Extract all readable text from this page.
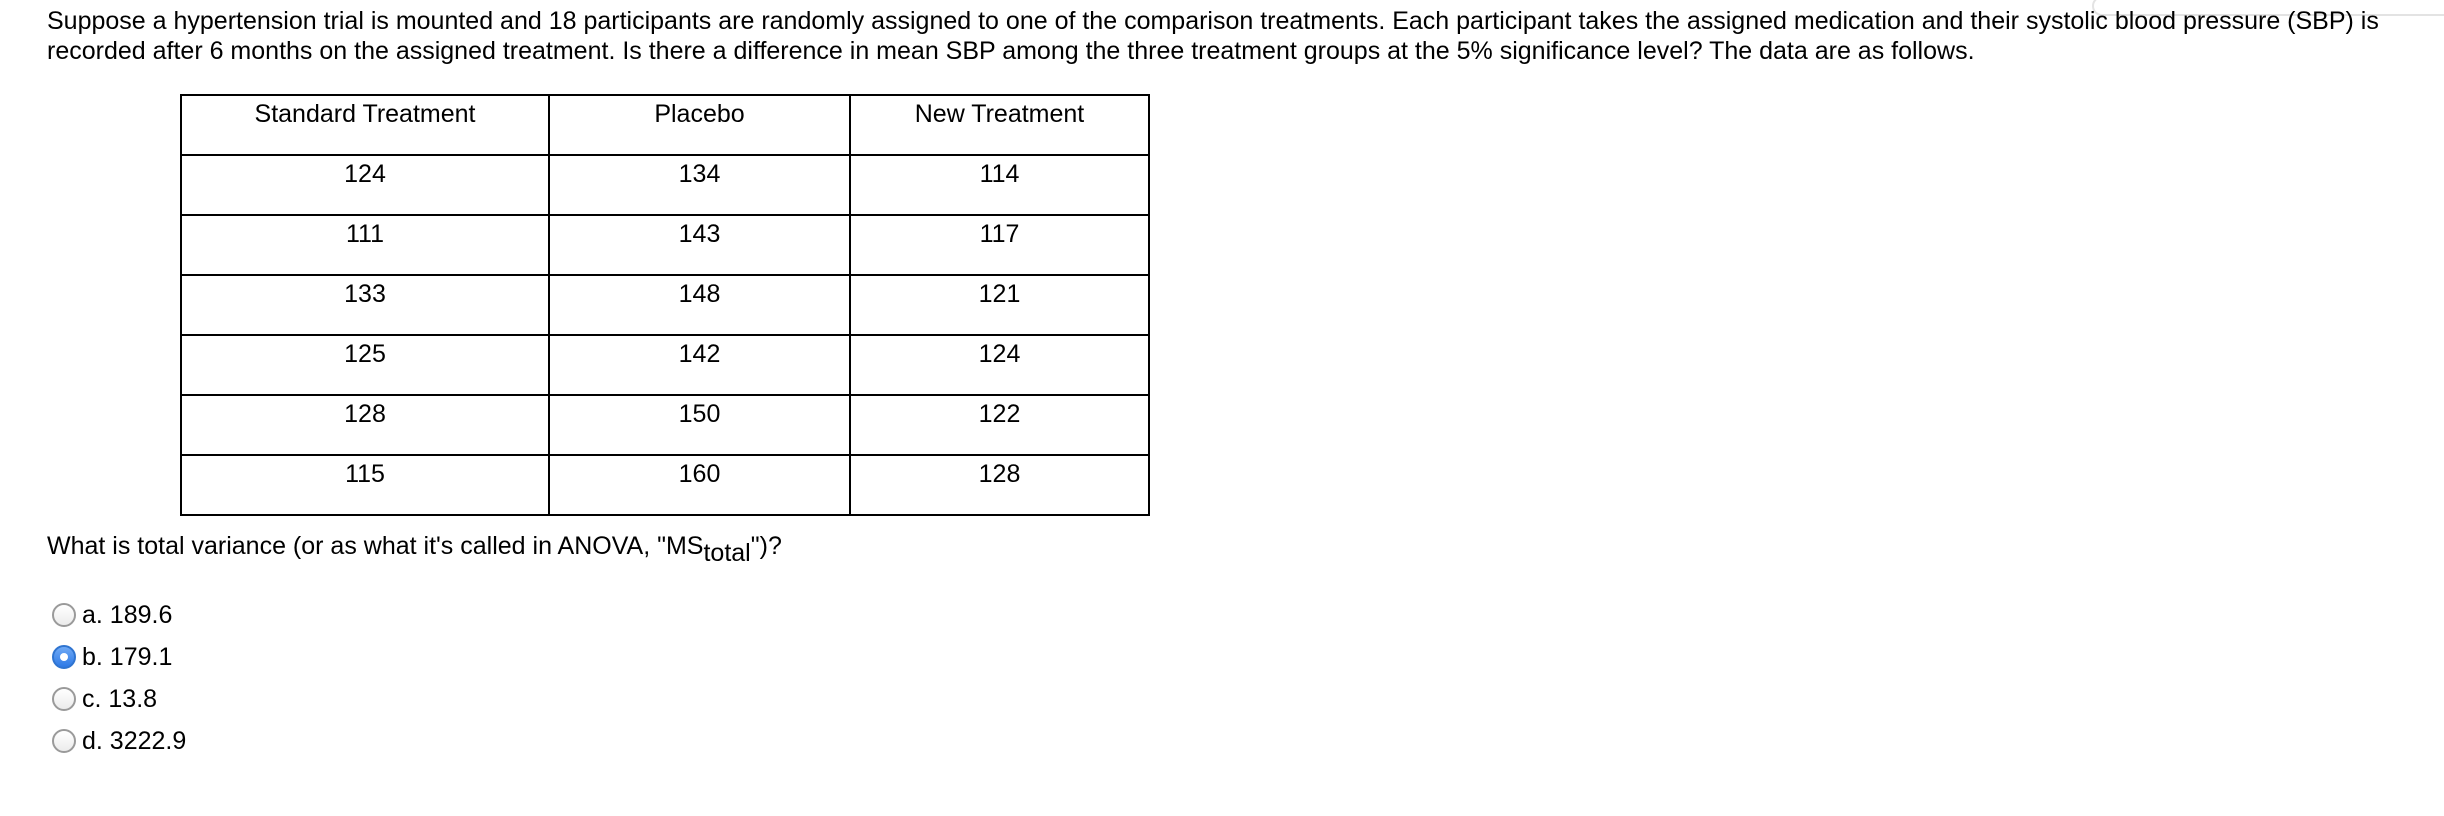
Suppose a hypertension trial is mounted and 18 participants are randomly assigned to one of the comparison treatments. Each participant takes the assigned medication and their systolic blood pressure (SBP) is recorded after 6 months on the assigned treatment. Is there a difference in mean SBP among the three treatment groups at the 5% significance level? The data are as follows.

Standard Treatment	Placebo	New Treatment
124	134	114
111	143	117
133	148	121
125	142	124
128	150	122
115	160	128

What is total variance (or as what it's called in ANOVA, "$MS_{total}$")?

a. 189.6
b. 179.1
c. 13.8
d. 3222.9
